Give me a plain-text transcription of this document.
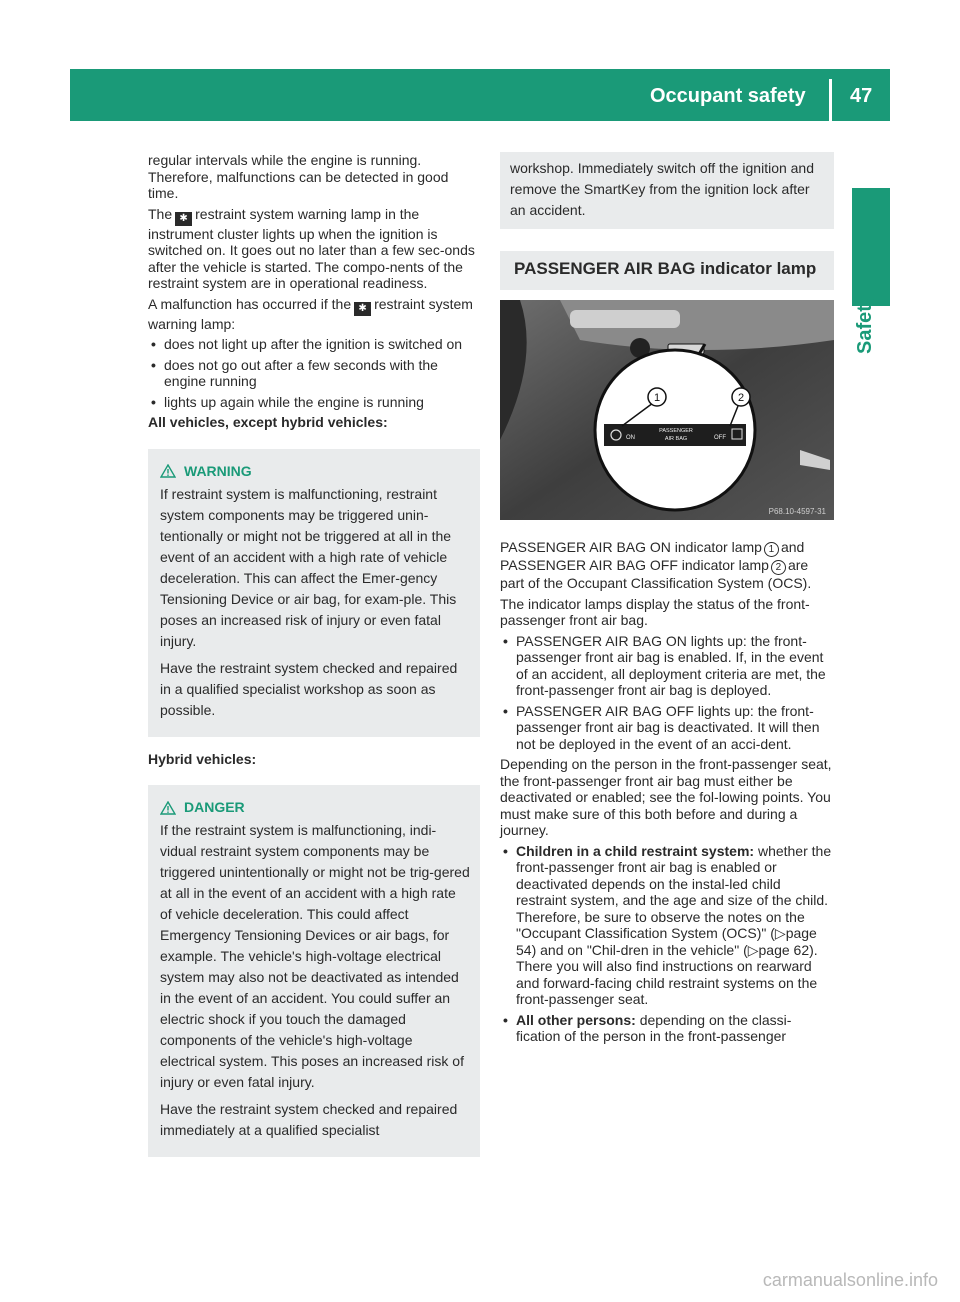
Occupant safety 47
Safety

regular intervals while the engine is running. Therefore, malfunctions can be detected in good time.

The ✱ restraint system warning lamp in the instrument cluster lights up when the ignition is switched on. It goes out no later than a few sec-onds after the vehicle is started. The compo-nents of the restraint system are in operational readiness.

A malfunction has occurred if the ✱ restraint system warning lamp:

• does not light up after the ignition is switched on
• does not go out after a few seconds with the engine running
• lights up again while the engine is running

All vehicles, except hybrid vehicles:

WARNING

If restraint system is malfunctioning, restraint system components may be triggered unin-tentionally or might not be triggered at all in the event of an accident with a high rate of vehicle deceleration. This can affect the Emer-gency Tensioning Device or air bag, for exam-ple. This poses an increased risk of injury or even fatal injury.

Have the restraint system checked and repaired in a qualified specialist workshop as soon as possible.

Hybrid vehicles:

DANGER

If the restraint system is malfunctioning, indi-vidual restraint system components may be triggered unintentionally or might not be trig-gered at all in the event of an accident with a high rate of vehicle deceleration. This could affect Emergency Tensioning Devices or air bags, for example. The vehicle's high-voltage electrical system may also not be deactivated as intended in the event of an accident. You could suffer an electric shock if you touch the damaged components of the vehicle's high-voltage electrical system. This poses an increased risk of injury or even fatal injury.

Have the restraint system checked and repaired immediately at a qualified specialist

workshop. Immediately switch off the ignition and remove the SmartKey from the ignition lock after an accident.

PASSENGER AIR BAG indicator lamp
ON
PASSENGER
AIR BAG	OFF
1	2
P68.10-4597-31

PASSENGER AIR BAG ON indicator lamp 1 and PASSENGER AIR BAG OFF indicator lamp 2 are part of the Occupant Classification System (OCS).

The indicator lamps display the status of the front-passenger front air bag.

• PASSENGER AIR BAG ON lights up: the front-passenger front air bag is enabled. If, in the event of an accident, all deployment criteria are met, the front-passenger front air bag is deployed.
• PASSENGER AIR BAG OFF lights up: the front-passenger front air bag is deactivated. It will then not be deployed in the event of an acci-dent.

Depending on the person in the front-passenger seat, the front-passenger front air bag must either be deactivated or enabled; see the fol-lowing points. You must make sure of this both before and during a journey.

• Children in a child restraint system: whether the front-passenger front air bag is enabled or deactivated depends on the instal-led child restraint system, and the age and size of the child. Therefore, be sure to observe the notes on the "Occupant Classification System (OCS)" (▷page 54) and on "Chil-dren in the vehicle" (▷page 62). There you will also find instructions on rearward and forward-facing child restraint systems on the front-passenger seat.
• All other persons: depending on the classi-fication of the person in the front-passenger
carmanualsonline.info
